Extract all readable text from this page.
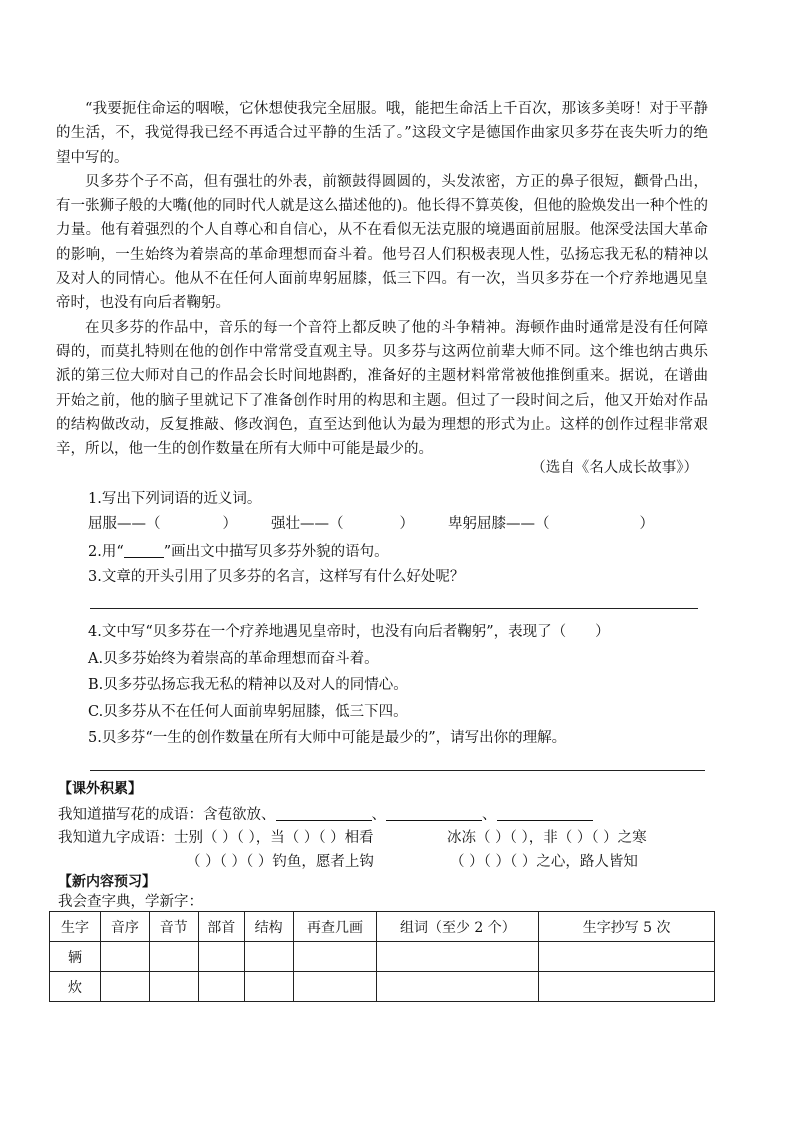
“我要扼住命运的咽喉，它休想使我完全屈服。哦，能把生命活上千百次，那该多美呀！对于平静的生活，不，我觉得我已经不再适合过平静的生活了。”这段文字是德国作曲家贝多芬在丧失听力的绝望中写的。

贝多芬个子不高，但有强壮的外表，前额鼓得圆圆的，头发浓密，方正的鼻子很短，颧骨凸出，有一张狮子般的大嘴(他的同时代人就是这么描述他的)。他长得不算英俊，但他的脸焕发出一种个性的力量。他有着强烈的个人自尊心和自信心，从不在看似无法克服的境遇面前屈服。他深受法国大革命的影响，一生始终为着崇高的革命理想而奋斗着。他号召人们积极表现人性，弘扬忘我无私的精神以及对人的同情心。他从不在任何人面前卑躬屈膝，低三下四。有一次，当贝多芬在一个疗养地遇见皇帝时，也没有向后者鞠躬。

在贝多芬的作品中，音乐的每一个音符上都反映了他的斗争精神。海顿作曲时通常是没有任何障碍的，而莫扎特则在他的创作中常常受直观主导。贝多芬与这两位前辈大师不同。这个维也纳古典乐派的第三位大师对自己的作品会长时间地斟酌，准备好的主题材料常常被他推倒重来。据说，在谱曲开始之前，他的脑子里就记下了准备创作时用的构思和主题。但过了一段时间之后，他又开始对作品的结构做改动，反复推敲、修改润色，直至达到他认为最为理想的形式为止。这样的创作过程非常艰辛，所以，他一生的创作数量在所有大师中可能是最少的。

（选自《名人成长故事》）
1.写出下列词语的近义词。
屈服——（	） 强壮——（	） 卑躬屈膝——（	）
2.用“	”画出文中描写贝多芬外貌的语句。
3.文章的开头引用了贝多芬的名言，这样写有什么好处呢？
4.文中写“贝多芬在一个疗养地遇见皇帝时，也没有向后者鞠躬”，表现了（　　）
A.贝多芬始终为着崇高的革命理想而奋斗着。
B.贝多芬弘扬忘我无私的精神以及对人的同情心。
C.贝多芬从不在任何人面前卑躬屈膝，低三下四。
5.贝多芬“一生的创作数量在所有大师中可能是最少的”，请写出你的理解。
【课外积累】
我知道描写花的成语：含苞欲放、	、	、
我知道九字成语：士别（ ）（ ），当（ ）（ ）相看	冰冻（ ）（ ），非（ ）（ ）之寒
（ ）（ ）（ ）钓鱼，愿者上钩	（ ）（ ）（ ）之心，路人皆知
【新内容预习】
我会查字典，学新字：
生字	音序	音节	部首	结构	再查几画	组词（至少 2 个）	生字抄写 5 次
辆							
炊							
